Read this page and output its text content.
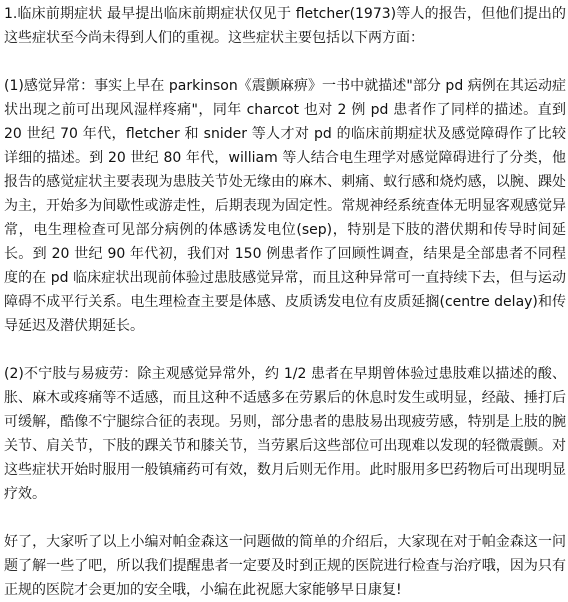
1.临床前期症状 最早提出临床前期症状仅见于 fletcher(1973)等人的报告，但他们提出的这些症状至今尚未得到人们的重视。这些症状主要包括以下两方面：

(1)感觉异常：事实上早在 parkinson《震颤麻痹》一书中就描述"部分 pd 病例在其运动症状出现之前可出现风湿样疼痛"，同年 charcot 也对 2 例 pd 患者作了同样的描述。直到 20 世纪 70 年代，fletcher 和 snider 等人才对 pd 的临床前期症状及感觉障碍作了比较详细的描述。到 20 世纪 80 年代，william 等人结合电生理学对感觉障碍进行了分类，他报告的感觉症状主要表现为患肢关节处无缘由的麻木、刺痛、蚁行感和烧灼感，以腕、踝处为主，开始多为间歇性或游走性，后期表现为固定性。常规神经系统查体无明显客观感觉异常，电生理检查可见部分病例的体感诱发电位(sep)，特别是下肢的潜伏期和传导时间延长。到 20 世纪 90 年代初，我们对 150 例患者作了回顾性调查，结果是全部患者不同程度的在 pd 临床症状出现前体验过患肢感觉异常，而且这种异常可一直持续下去，但与运动障碍不成平行关系。电生理检查主要是体感、皮质诱发电位有皮质延搁(centre delay)和传导延迟及潜伏期延长。

(2)不宁肢与易疲劳：除主观感觉异常外，约 1/2 患者在早期曾体验过患肢难以描述的酸、胀、麻木或疼痛等不适感，而且这种不适感多在劳累后的休息时发生或明显，经敲、捶打后可缓解，酷像不宁腿综合征的表现。另则，部分患者的患肢易出现疲劳感，特别是上肢的腕关节、肩关节，下肢的踝关节和膝关节，当劳累后这些部位可出现难以发现的轻微震颤。对这些症状开始时服用一般镇痛药可有效，数月后则无作用。此时服用多巴药物后可出现明显疗效。

好了，大家听了以上小编对帕金森这一问题做的简单的介绍后，大家现在对于帕金森这一问题了解一些了吧，所以我们提醒患者一定要及时到正规的医院进行检查与治疗哦，因为只有正规的医院才会更加的安全哦，小编在此祝愿大家能够早日康复!
